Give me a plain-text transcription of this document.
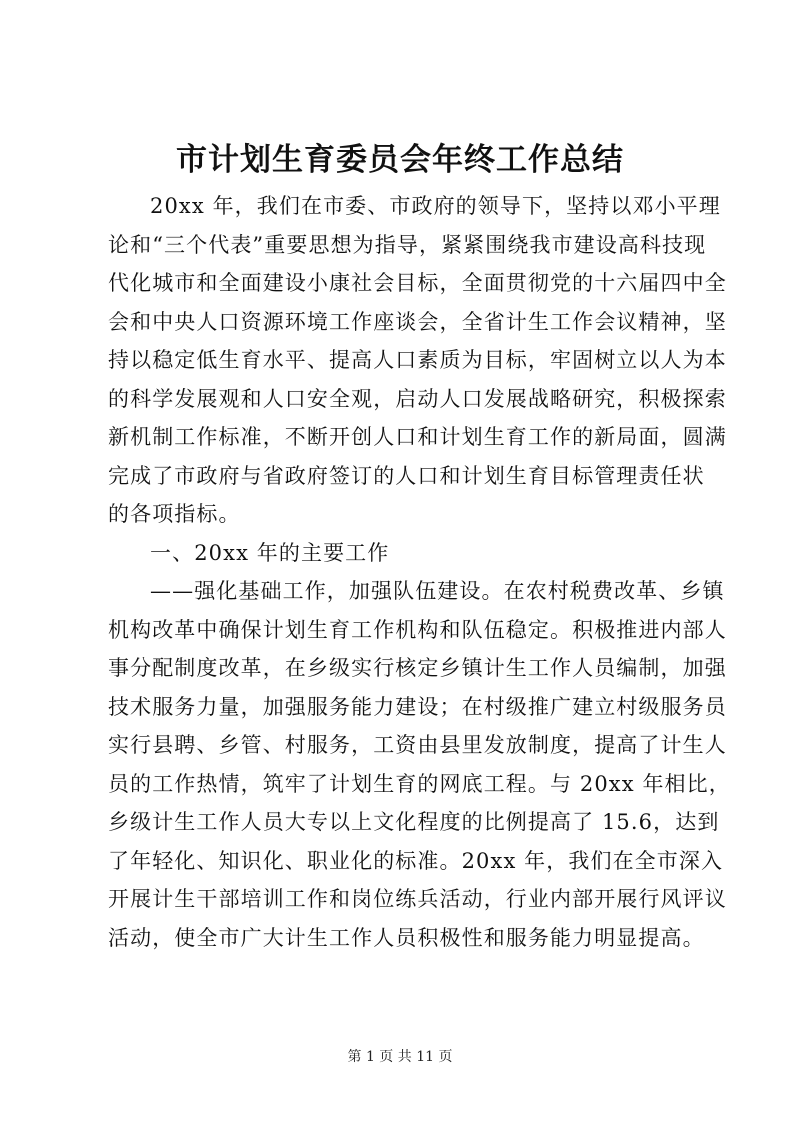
市计划生育委员会年终工作总结
20xx 年，我们在市委、市政府的领导下，坚持以邓小平理
论和“三个代表”重要思想为指导，紧紧围绕我市建设高科技现
代化城市和全面建设小康社会目标，全面贯彻党的十六届四中全
会和中央人口资源环境工作座谈会，全省计生工作会议精神，坚
持以稳定低生育水平、提高人口素质为目标，牢固树立以人为本
的科学发展观和人口安全观，启动人口发展战略研究，积极探索
新机制工作标准，不断开创人口和计划生育工作的新局面，圆满
完成了市政府与省政府签订的人口和计划生育目标管理责任状
的各项指标。
一、20xx 年的主要工作
——强化基础工作，加强队伍建设。在农村税费改革、乡镇
机构改革中确保计划生育工作机构和队伍稳定。积极推进内部人
事分配制度改革，在乡级实行核定乡镇计生工作人员编制，加强
技术服务力量，加强服务能力建设；在村级推广建立村级服务员
实行县聘、乡管、村服务，工资由县里发放制度，提高了计生人
员的工作热情，筑牢了计划生育的网底工程。与 20xx 年相比，
乡级计生工作人员大专以上文化程度的比例提高了 15.6，达到
了年轻化、知识化、职业化的标准。20xx 年，我们在全市深入
开展计生干部培训工作和岗位练兵活动，行业内部开展行风评议
活动，使全市广大计生工作人员积极性和服务能力明显提高。
第 1 页 共 11 页
